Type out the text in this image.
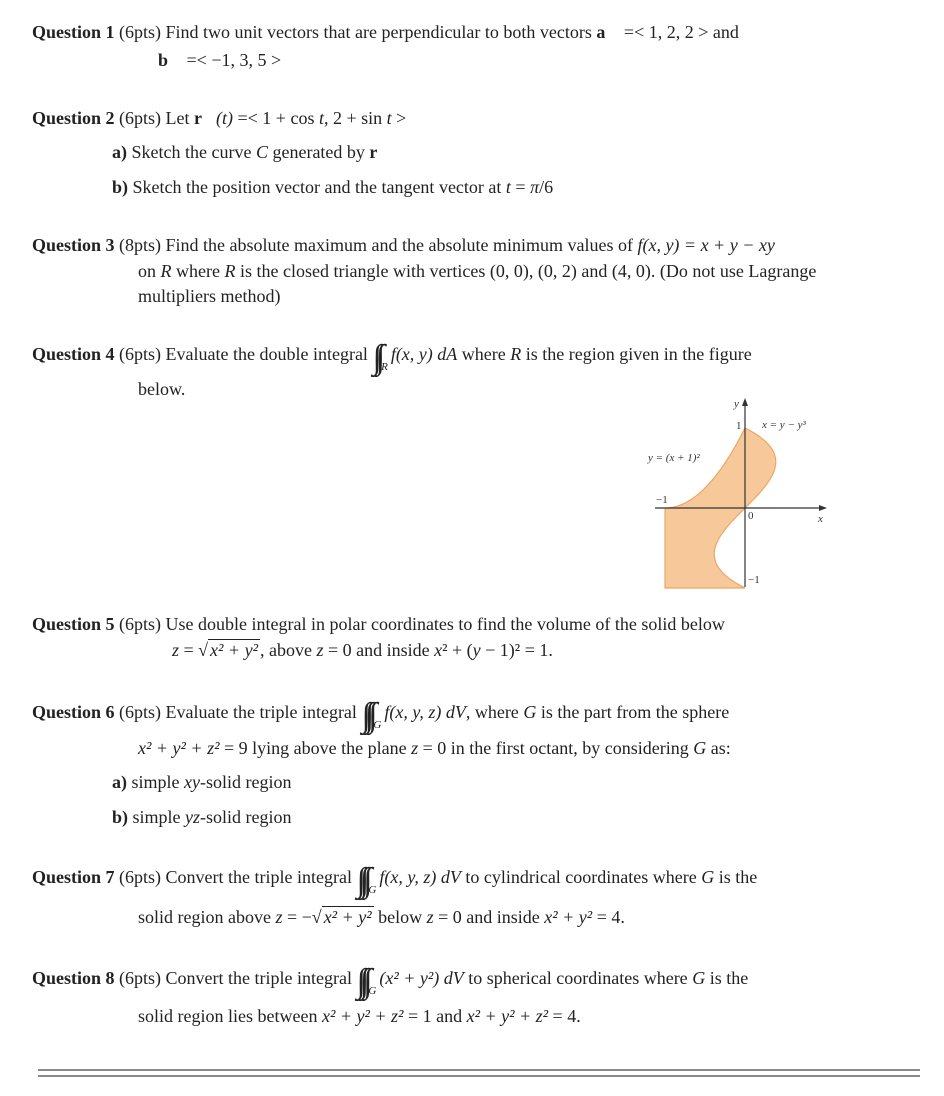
Question 1 (6pts) Find two unit vectors that are perpendicular to both vectors a⃗ =< 1, 2, 2 > and
b⃗ =< −1, 3, 5 >
Question 2 (6pts) Let r⃗(t) =< 1 + cos t, 2 + sin t >
a) Sketch the curve C generated by r⃗
b) Sketch the position vector and the tangent vector at t = π/6
Question 3 (8pts) Find the absolute maximum and the absolute minimum values of f(x, y) = x + y − xy
on R where R is the closed triangle with vertices (0, 0), (0, 2) and (4, 0). (Do not use Lagrange
multipliers method)
Question 4 (6pts) Evaluate the double integral ∫∫ $_R$f(x, y) dA where R is the region given in the figure
below.
y
x
1
−1
−1
0
y = (x + 1)²
x = y − y³
Question 5 (6pts) Use double integral in polar coordinates to find the volume of the solid below
z = √ x² + y² , above z = 0 and inside x² + (y − 1)² = 1.
Question 6 (6pts) Evaluate the triple integral ∫∫∫ $_G$f(x, y, z) dV, where G is the part from the sphere
x² + y² + z² = 9 lying above the plane z = 0 in the first octant, by considering G as:
a) simple xy-solid region
b) simple yz-solid region
Question 7 (6pts) Convert the triple integral ∫∫∫ $_G$f(x, y, z) dV to cylindrical coordinates where G is the
solid region above z = −√ x² + y² below z = 0 and inside x² + y² = 4.
Question 8 (6pts) Convert the triple integral ∫∫∫ $_G$(x² + y²) dV to spherical coordinates where G is the
solid region lies between x² + y² + z² = 1 and x² + y² + z² = 4.
